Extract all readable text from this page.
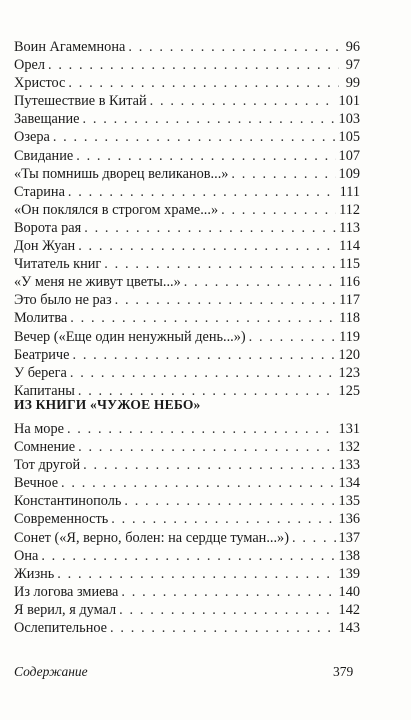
Воин Агамемнона . . .	96
Орел . . .	97
Христос . . .	99
Путешествие в Китай . . .	101
Завещание . . .	103
Озера . . .	105
Свидание . . .	107
«Ты помнишь дворец великанов...» . . .	109
Старина . . .	111
«Он поклялся в строгом храме...» . . .	112
Ворота рая . . .	113
Дон Жуан . . .	114
Читатель книг . . .	115
«У меня не живут цветы...» . . .	116
Это было не раз . . .	117
Молитва . . .	118
Вечер («Еще один ненужный день...») . . .	119
Беатриче . . .	120
У берега . . .	123
Капитаны . . .	125
ИЗ КНИГИ «ЧУЖОЕ НЕБО»
На море . . .	131
Сомнение . . .	132
Тот другой . . .	133
Вечное . . .	134
Константинополь . . .	135
Современность . . .	136
Сонет («Я, верно, болен: на сердце туман...») . . .	137
Она . . .	138
Жизнь . . .	139
Из логова змиева . . .	140
Я верил, я думал . . .	142
Ослепительное . . .	143
Содержание	379
